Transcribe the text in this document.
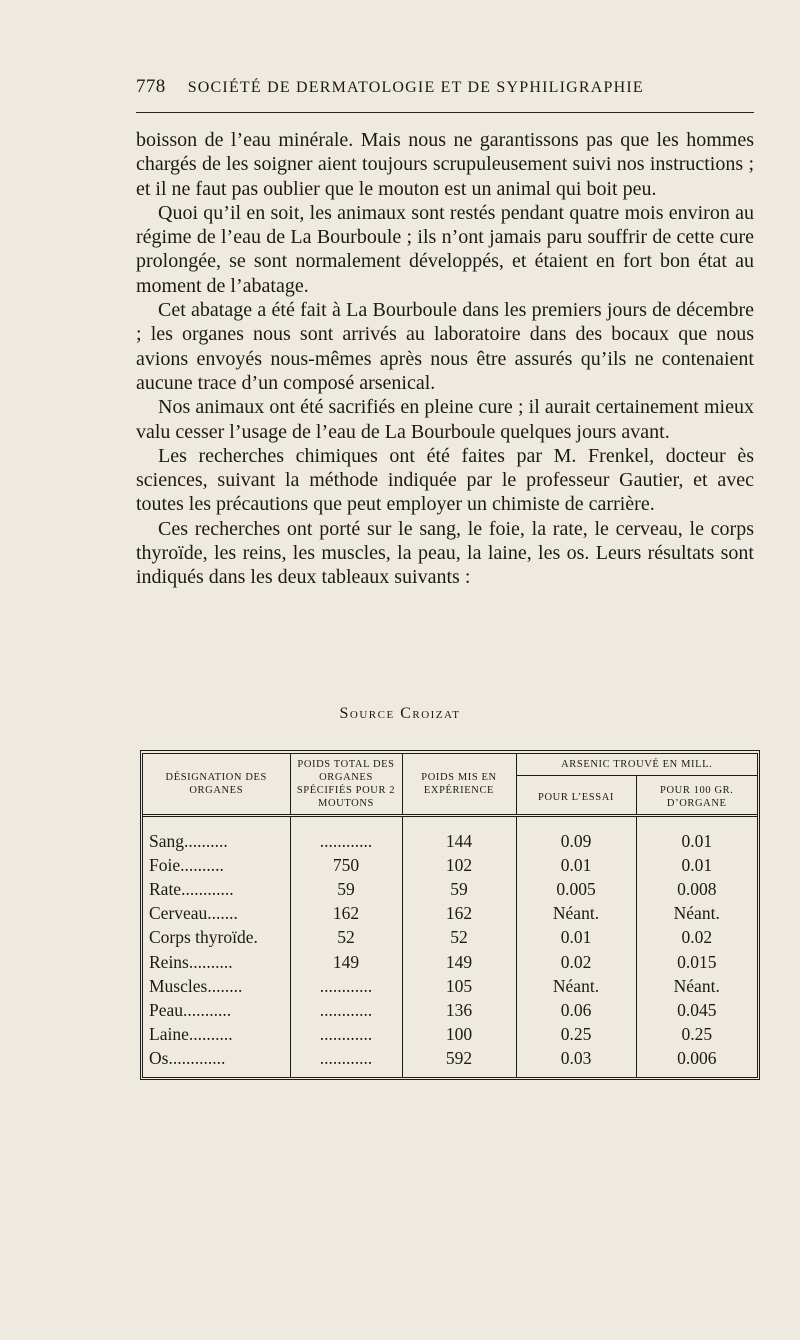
778 SOCIÉTÉ DE DERMATOLOGIE ET DE SYPHILIGRAPHIE

boisson de l’eau minérale. Mais nous ne garantissons pas que les hommes chargés de les soigner aient toujours scrupuleusement suivi nos instructions ; et il ne faut pas oublier que le mouton est un animal qui boit peu.

Quoi qu’il en soit, les animaux sont restés pendant quatre mois environ au régime de l’eau de La Bourboule ; ils n’ont jamais paru souffrir de cette cure prolongée, se sont normalement développés, et étaient en fort bon état au moment de l’abatage.

Cet abatage a été fait à La Bourboule dans les premiers jours de décembre ; les organes nous sont arrivés au laboratoire dans des bocaux que nous avions envoyés nous-mêmes après nous être assurés qu’ils ne contenaient aucune trace d’un composé arsenical.

Nos animaux ont été sacrifiés en pleine cure ; il aurait certainement mieux valu cesser l’usage de l’eau de La Bourboule quelques jours avant.

Les recherches chimiques ont été faites par M. Frenkel, docteur ès sciences, suivant la méthode indiquée par le professeur Gautier, et avec toutes les précautions que peut employer un chimiste de carrière.

Ces recherches ont porté sur le sang, le foie, la rate, le cerveau, le corps thyroïde, les reins, les muscles, la peau, la laine, les os. Leurs résultats sont indiqués dans les deux tableaux suivants :

Source Croizat
DÉSIGNATION DES ORGANES	POIDS TOTAL DES ORGANES SPÉCIFIÉS POUR 2 MOUTONS	POIDS MIS EN EXPÉRIENCE	ARSENIC TROUVÉ EN MILL.	
			POUR L’ESSAI	POUR 100 GR. D’ORGANE
Sang..........	............	144	0.09	0.01
Foie..........	750	102	0.01	0.01
Rate............	59	59	0.005	0.008
Cerveau.......	162	162	Néant.	Néant.
Corps thyroïde.	52	52	0.01	0.02
Reins..........	149	149	0.02	0.015
Muscles........	............	105	Néant.	Néant.
Peau...........	............	136	0.06	0.045
Laine..........	............	100	0.25	0.25
Os.............	............	592	0.03	0.006
